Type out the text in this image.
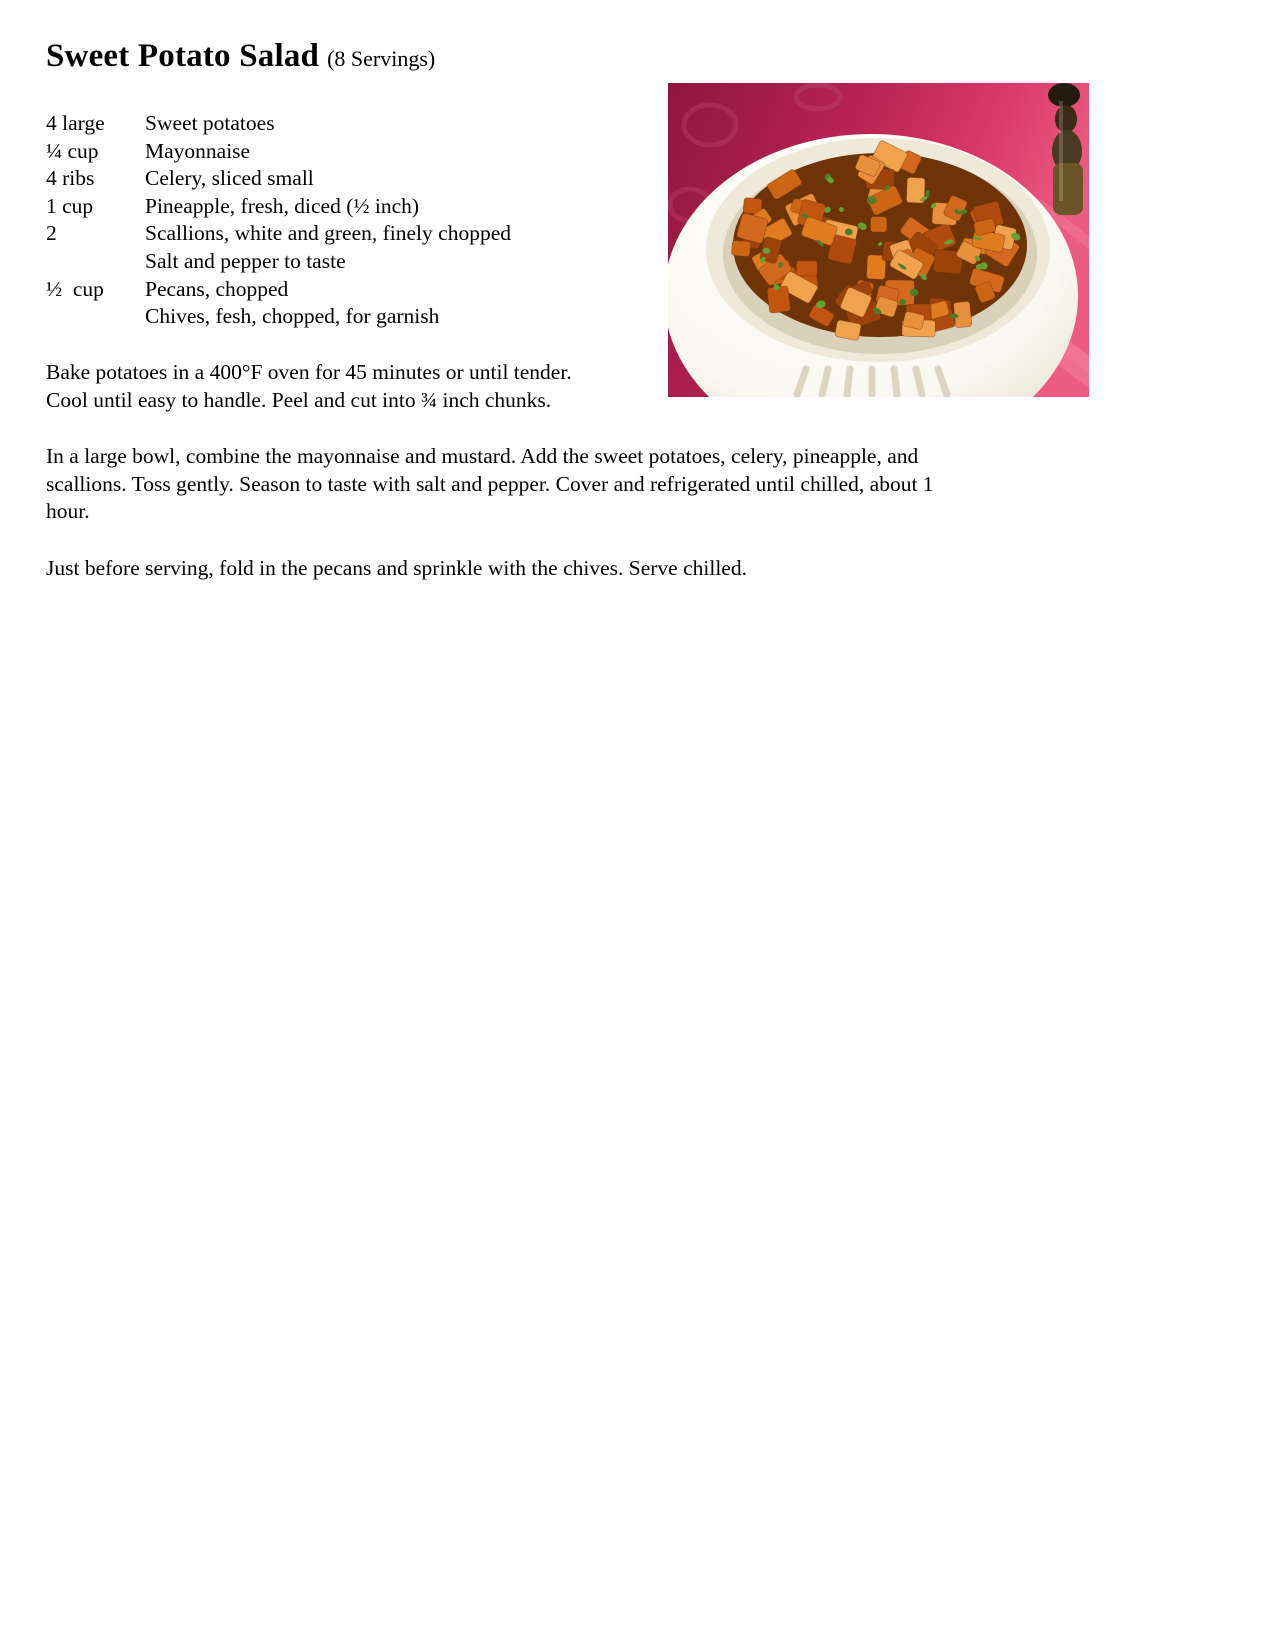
Sweet Potato Salad (8 Servings)
4 large	Sweet potatoes
¼ cup	Mayonnaise
4 ribs	Celery, sliced small
1 cup	Pineapple, fresh, diced (½ inch)
2	Scallions, white and green, finely chopped
Salt and pepper to taste
½  cup	Pecans, chopped
Chives, fesh, chopped, for garnish
Bake potatoes in a 400°F oven for 45 minutes or until tender.
Cool until easy to handle. Peel and cut into ¾ inch chunks.
In a large bowl, combine the mayonnaise and mustard. Add the sweet potatoes, celery, pineapple, and
scallions. Toss gently. Season to taste with salt and pepper. Cover and refrigerated until chilled, about 1
hour.
Just before serving, fold in the pecans and sprinkle with the chives. Serve chilled.
